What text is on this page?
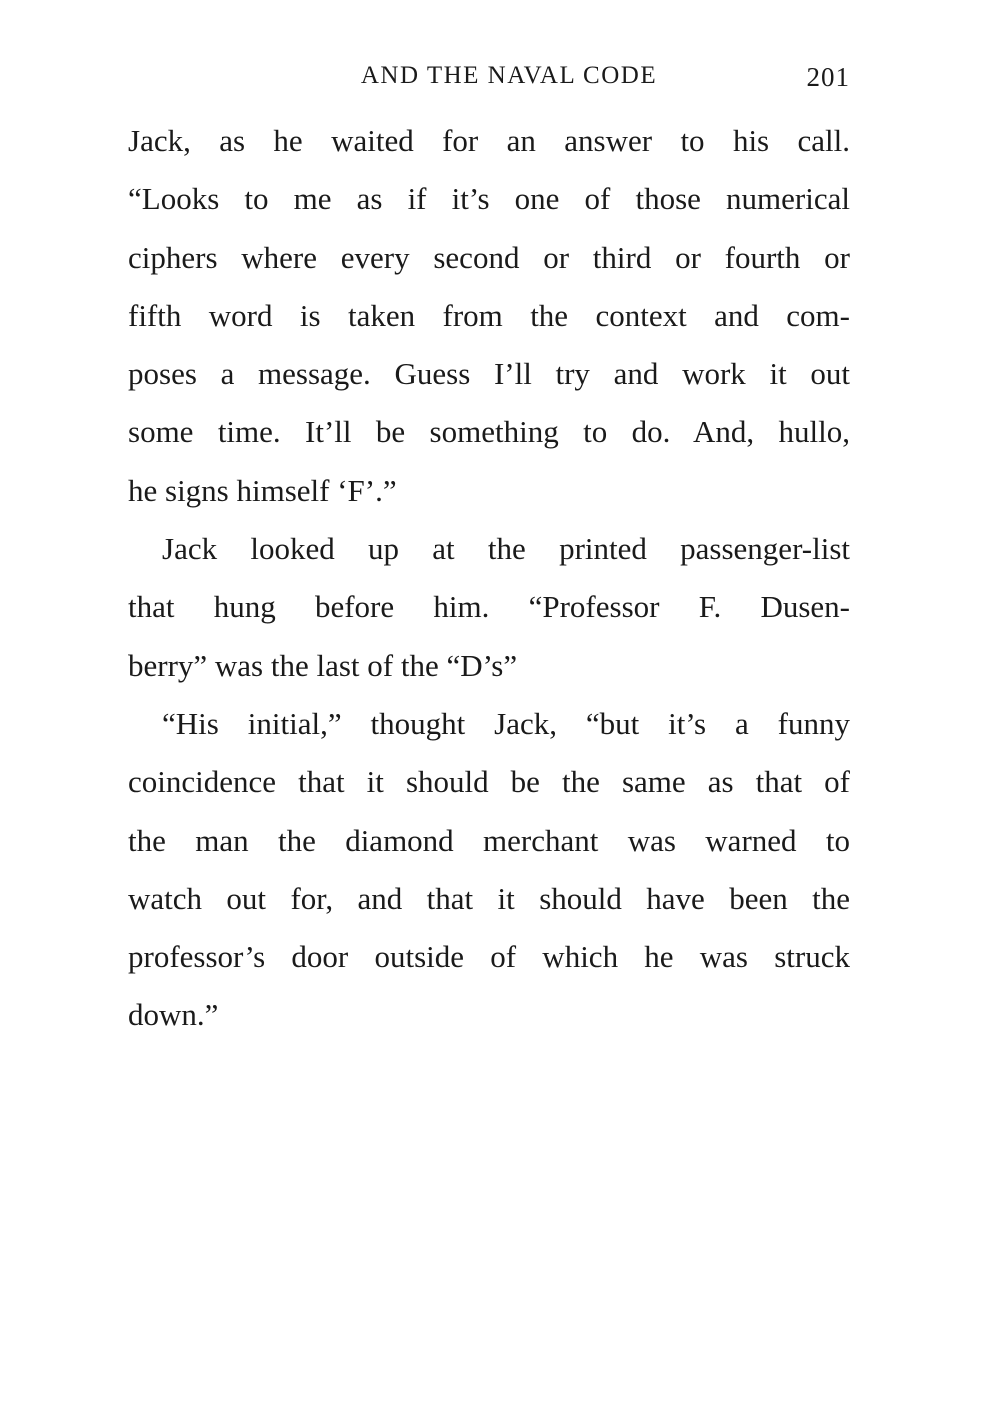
AND THE NAVAL CODE	201
Jack, as he waited for an answer to his call.
“Looks to me as if it’s one of those numerical
ciphers where every second or third or fourth or
fifth word is taken from the context and com-
poses a message. Guess I’ll try and work it out
some time. It’ll be something to do. And, hullo,
he signs himself ‘F’.”
Jack looked up at the printed passenger-list
that hung before him. “Professor F. Dusen-
berry” was the last of the “D’s”
“His initial,” thought Jack, “but it’s a funny
coincidence that it should be the same as that of
the man the diamond merchant was warned to
watch out for, and that it should have been the
professor’s door outside of which he was struck
down.”
